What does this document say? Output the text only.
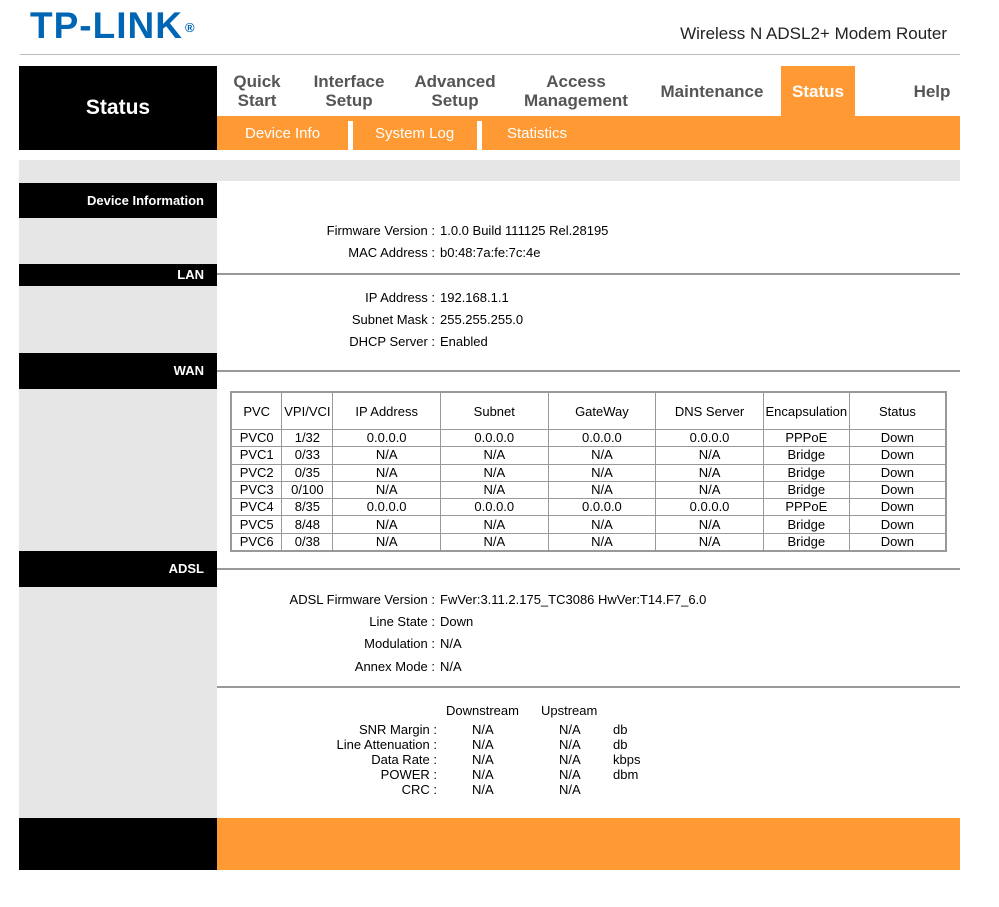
TP-LINK ®	Wireless N ADSL2+ Modem Router
Status
Quick Start
Interface Setup
Advanced Setup
Access Management	Maintenance	Status	Help
Device Info	System Log	Statistics
Device Information
Firmware Version : 1.0.0 Build 111125 Rel.28195
MAC Address : b0:48:7a:fe:7c:4e
LAN
IP Address : 192.168.1.1
Subnet Mask : 255.255.255.0
DHCP Server : Enabled
WAN
PVC	VPI/VCI	IP Address	Subnet	GateWay	DNS Server	Encapsulation	Status
PVC0	1/32	0.0.0.0	0.0.0.0	0.0.0.0	0.0.0.0	PPPoE	Down
PVC1	0/33	N/A	N/A	N/A	N/A	Bridge	Down
PVC2	0/35	N/A	N/A	N/A	N/A	Bridge	Down
PVC3	0/100	N/A	N/A	N/A	N/A	Bridge	Down
PVC4	8/35	0.0.0.0	0.0.0.0	0.0.0.0	0.0.0.0	PPPoE	Down
PVC5	8/48	N/A	N/A	N/A	N/A	Bridge	Down
PVC6	0/38	N/A	N/A	N/A	N/A	Bridge	Down
ADSL
ADSL Firmware Version : FwVer:3.11.2.175_TC3086 HwVer:T14.F7_6.0
Line State : Down
Modulation : N/A
Annex Mode : N/A
Downstream Upstream
SNR Margin :	N/A	N/A db
Line Attenuation :	N/A	N/A db
Data Rate :	N/A	N/A kbps
POWER :	N/A	N/A dbm
CRC :	N/A	N/A
